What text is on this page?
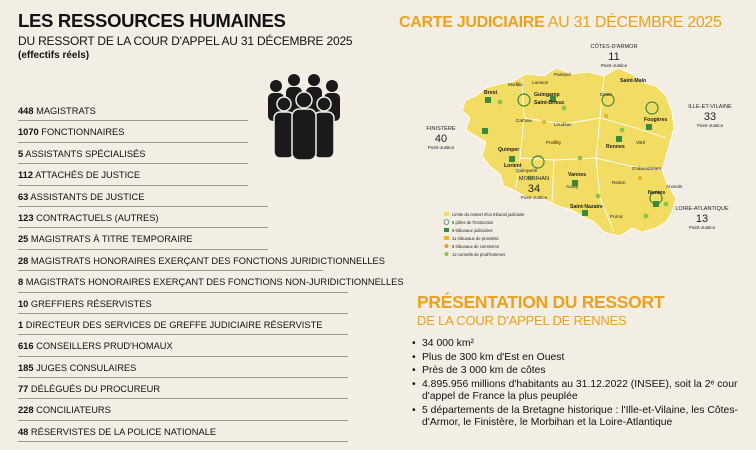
LES RESSOURCES HUMAINES
DU RESSORT DE LA COUR D'APPEL AU 31 DÉCEMBRE 2025
(effectifs réels)
448 MAGISTRATS
1070 FONCTIONNAIRES
5 ASSISTANTS SPÉCIALISÉS
112 ATTACHÉS DE JUSTICE
63 ASSISTANTS DE JUSTICE
123 CONTRACTUELS (AUTRES)
25 MAGISTRATS À TITRE TEMPORAIRE
28 MAGISTRATS HONORAIRES EXERÇANT DES FONCTIONS JURIDICTIONNELLES
8 MAGISTRATS HONORAIRES EXERÇANT DES FONCTIONS NON-JURIDICTIONNELLES
10 GREFFIERS RÉSERVISTES
1 DIRECTEUR DES SERVICES DE GREFFE JUDICIAIRE RÉSERVISTE
616 CONSEILLERS PRUD'HOMAUX
185 JUGES CONSULAIRES
77 DÉLÉGUÉS DU PROCUREUR
228 CONCILIATEURS
48 RÉSERVISTES DE LA POLICE NATIONALE
CARTE JUDICIAIRE AU 31 DÉCEMBRE 2025
Brest	Guingamp
Saint-Brieuc
Quimper
Lorient
Vannes
Rennes
Saint-Malo
Fougères
Saint-Nazaire
Nantes
Morlaix Lannion
Paimpol
Dinan
Carhaix
Loudéac
Pontivy
Redon
Vitré
Quimperlé
Auray
Châteaubriant
Ancenis
Pornic
CÔTES-D'ARMOR
11
Point-Justice
ILLE-ET-VILAINE
33
Point-Justice
FINISTÈRE
40
Point-Justice
MORBIHAN
34
Point-Justice
LOIRE-ATLANTIQUE
13
Point-Justice
Limite du ressort d'un tribunal judiciaire
5 pôles de l'instruction
9 tribunaux judiciaires
11 tribunaux de proximité
8 tribunaux de commerce
12 conseils de prud'hommes
PRÉSENTATION DU RESSORT
DE LA COUR D'APPEL DE RENNES
• 34 000 km²
• Plus de 300 km d'Est en Ouest
• Près de 3 000 km de côtes
• 4.895.956 millions d'habitants au 31.12.2022 (INSEE), soit la 2ᵉ cour d'appel de France la plus peuplée
• 5 départements de la Bretagne historique : l'Ille-et-Vilaine, les Côtes-d'Armor, le Finistère, le Morbihan et la Loire-Atlantique
